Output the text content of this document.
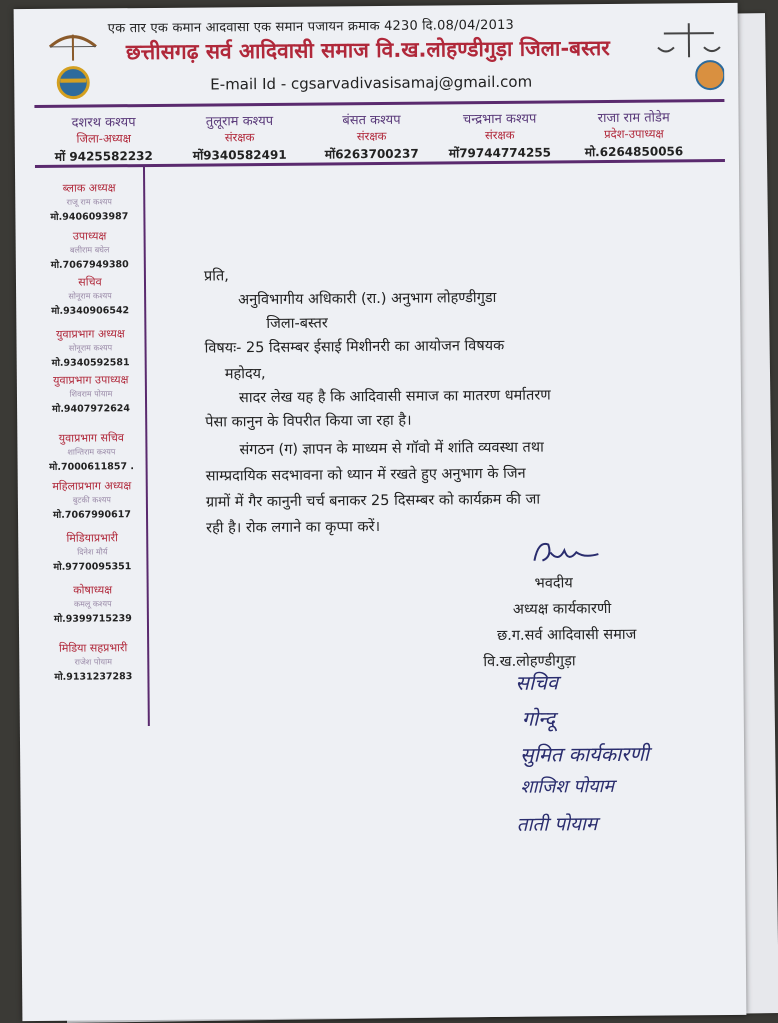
एक तार एक कमान आदवासा एक समान पजायन क्रमाक 4230 दि.08/04/2013
छत्तीसगढ़ सर्व आदिवासी समाज वि.ख.लोहण्डीगुड़ा जिला-बस्तर
E-mail Id - cgsarvadivasisamaj@gmail.com
दशरथ कश्यप
जिला-अध्यक्ष
मों 9425582232
तुलूराम कश्यप
संरक्षक
मों9340582491
बंसत कश्यप
संरक्षक
मों6263700237
चन्द्रभान कश्यप
संरक्षक
मों79744774255
राजा राम तोडेम
प्रदेश-उपाध्यक्ष
मो.6264850056
ब्लाक अध्यक्ष
राजू राम कश्यप
मो.9406093987
उपाध्यक्ष
बलीराम बघेल
मो.7067949380
सचिव
सोनूराम कश्यप
मो.9340906542
युवाप्रभाग अध्यक्ष
सोनूराम कश्यप
मो.9340592581
युवाप्रभाग उपाध्यक्ष
शिवराम पोयाम
मो.9407972624
युवाप्रभाग सचिव
शान्तिराम कश्यप
मो.7000611857 .
महिलाप्रभाग अध्यक्ष
बुटकी कश्यप
मो.7067990617
मिडियाप्रभारी
दिनेश मौर्य
मो.9770095351
कोषाध्यक्ष
कमलू कश्यप
मो.9399715239
मिडिया सहप्रभारी
राजेश पोयाम
मो.9131237283
प्रति,
अनुविभागीय अधिकारी (रा.) अनुभाग लोहण्डीगुडा
जिला-बस्तर
विषयः- 25 दिसम्बर ईसाई मिशीनरी का आयोजन विषयक
महोदय,
सादर लेख यह है कि आदिवासी समाज का मातरण धर्मातरण
पेसा कानुन के विपरीत किया जा रहा है।
संगठन (ग) ज्ञापन के माध्यम से गॉवो में शांति व्यवस्था तथा
साम्प्रदायिक सदभावना को ध्यान में रखते हुए अनुभाग के जिन
ग्रामों में गैर कानुनी चर्च बनाकर 25 दिसम्बर को कार्यक्रम की जा
रही है। रोक लगाने का कृप्पा करें।
भवदीय
अध्यक्ष कार्यकारणी
छ.ग.सर्व आदिवासी समाज
वि.ख.लोहण्डीगुड़ा
सचिव
गोन्दू
सुमित कार्यकारणी
शाजिश पोयाम
ताती पोयाम
